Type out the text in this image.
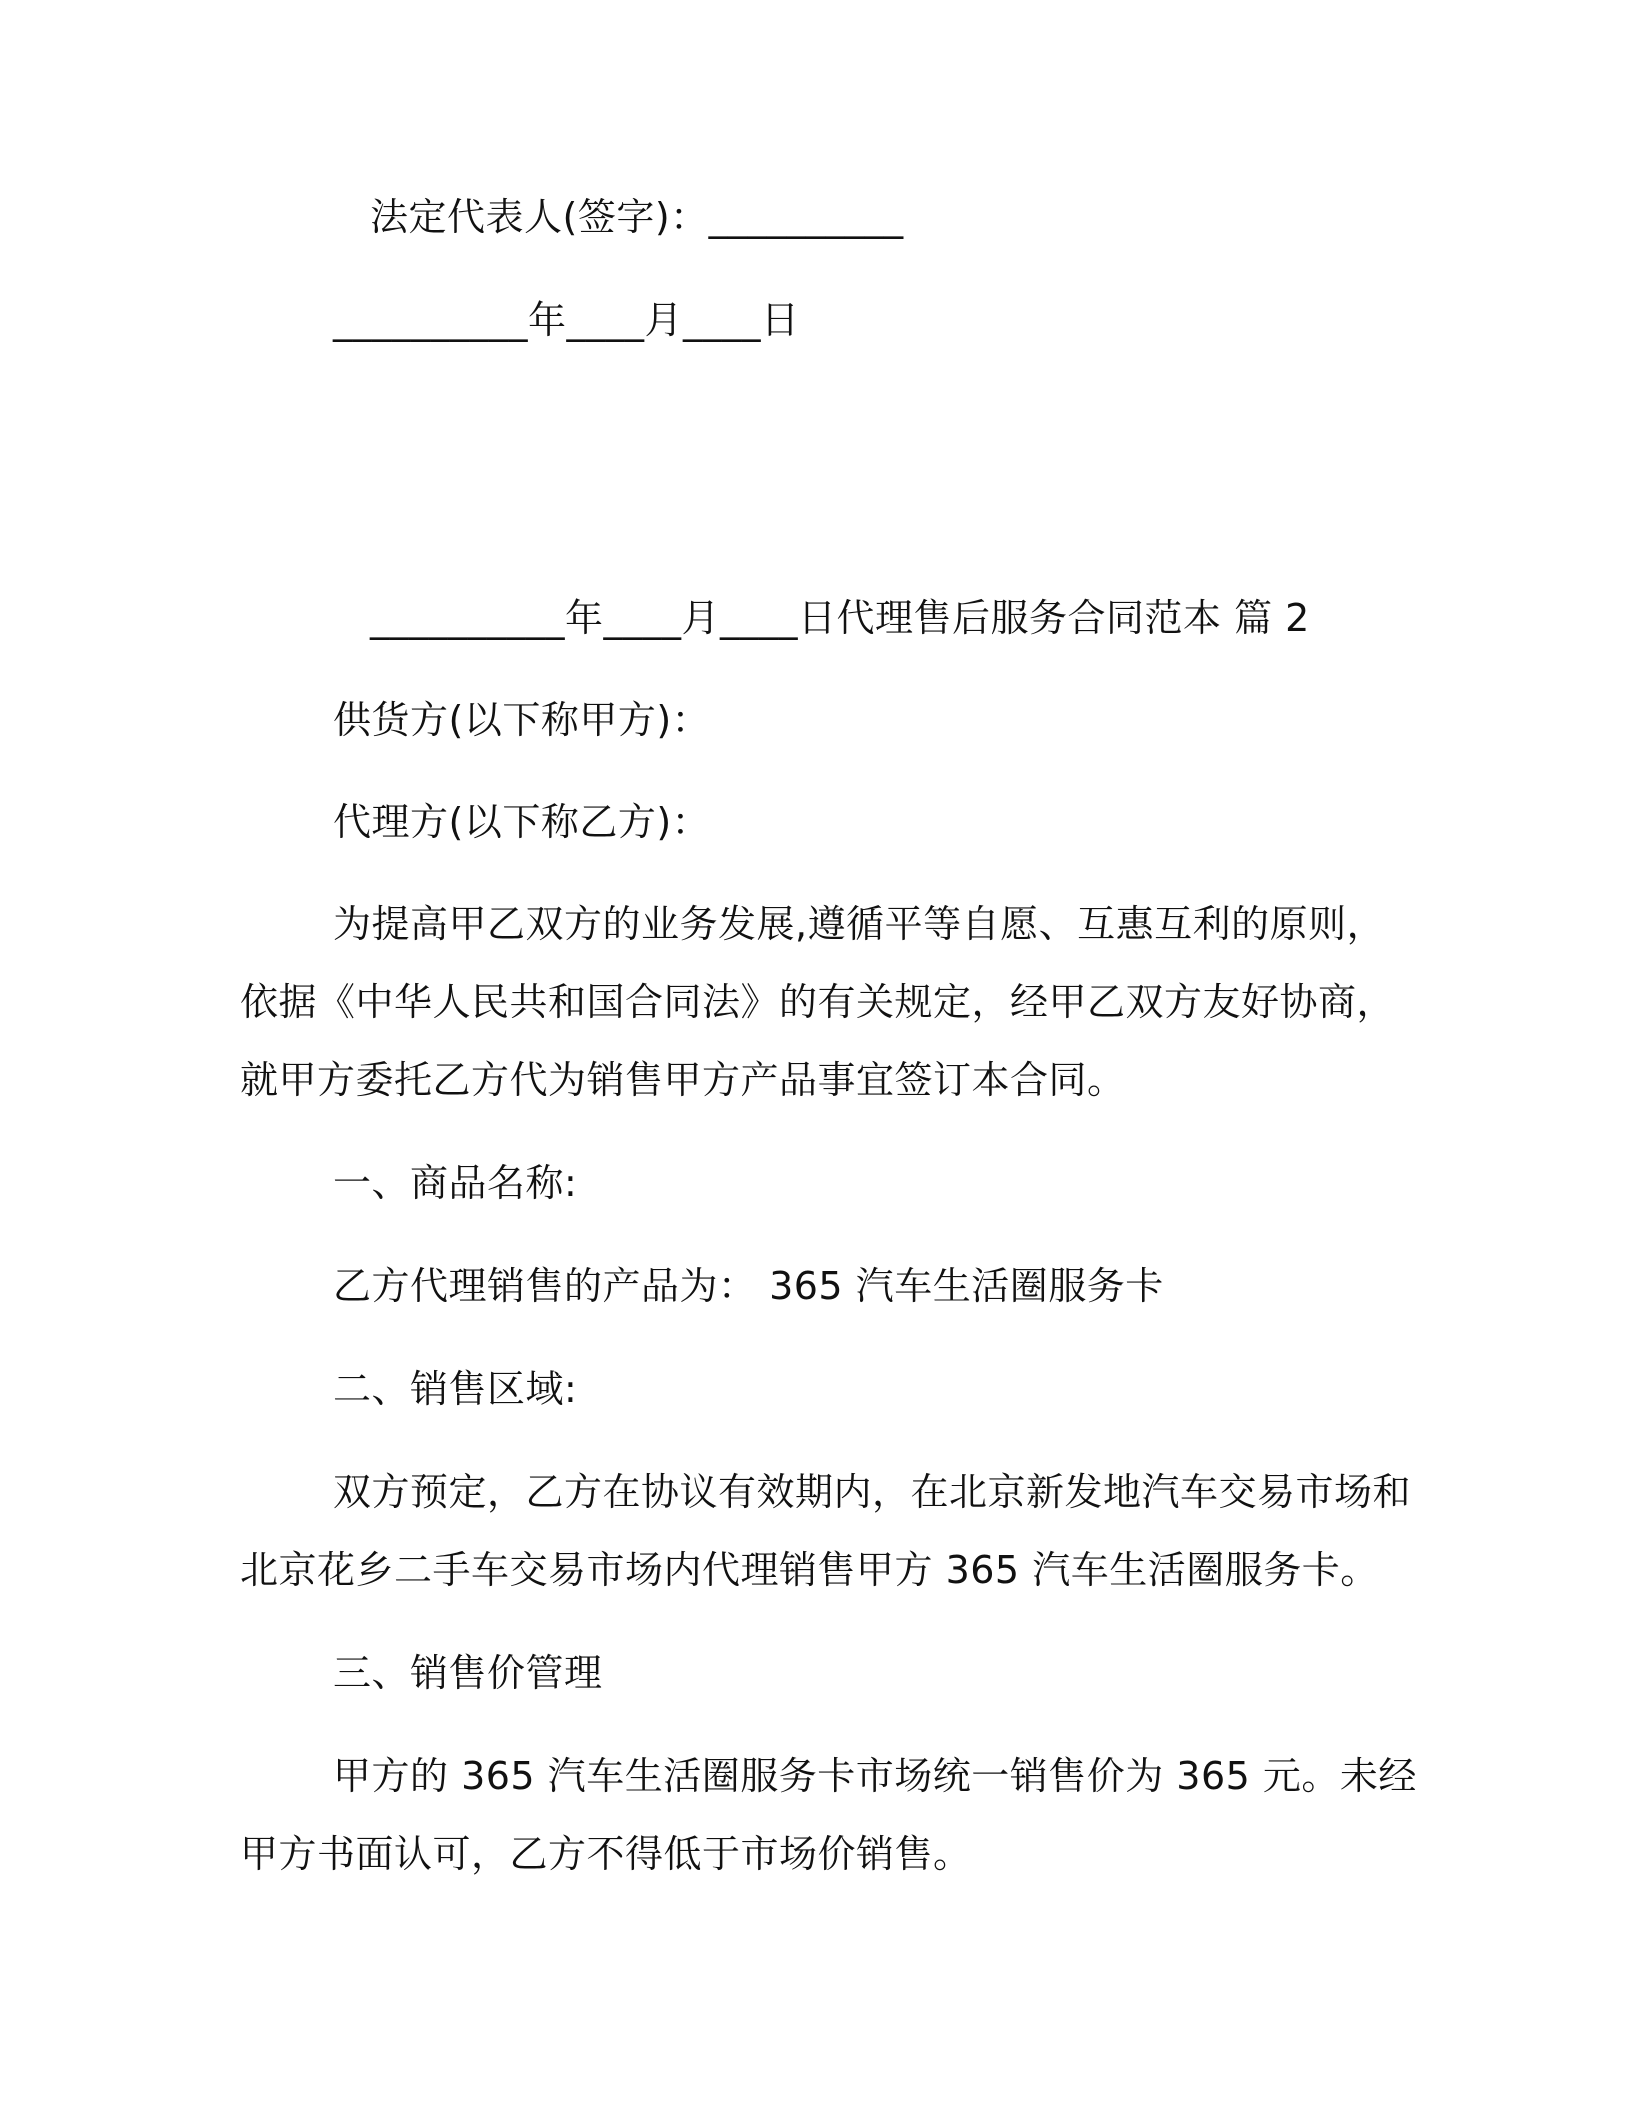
法定代表人(签字)：__________
__________年____月____日
__________年____月____日代理售后服务合同范本 篇 2
供货方(以下称甲方)：
代理方(以下称乙方)：
为提高甲乙双方的业务发展,遵循平等自愿、互惠互利的原则，
依据《中华人民共和国合同法》的有关规定，经甲乙双方友好协商，
就甲方委托乙方代为销售甲方产品事宜签订本合同。
一、商品名称:
乙方代理销售的产品为： 365 汽车生活圈服务卡
二、销售区域:
双方预定，乙方在协议有效期内，在北京新发地汽车交易市场和
北京花乡二手车交易市场内代理销售甲方 365 汽车生活圈服务卡。
三、销售价管理
甲方的 365 汽车生活圈服务卡市场统一销售价为 365 元。未经
甲方书面认可，乙方不得低于市场价销售。
